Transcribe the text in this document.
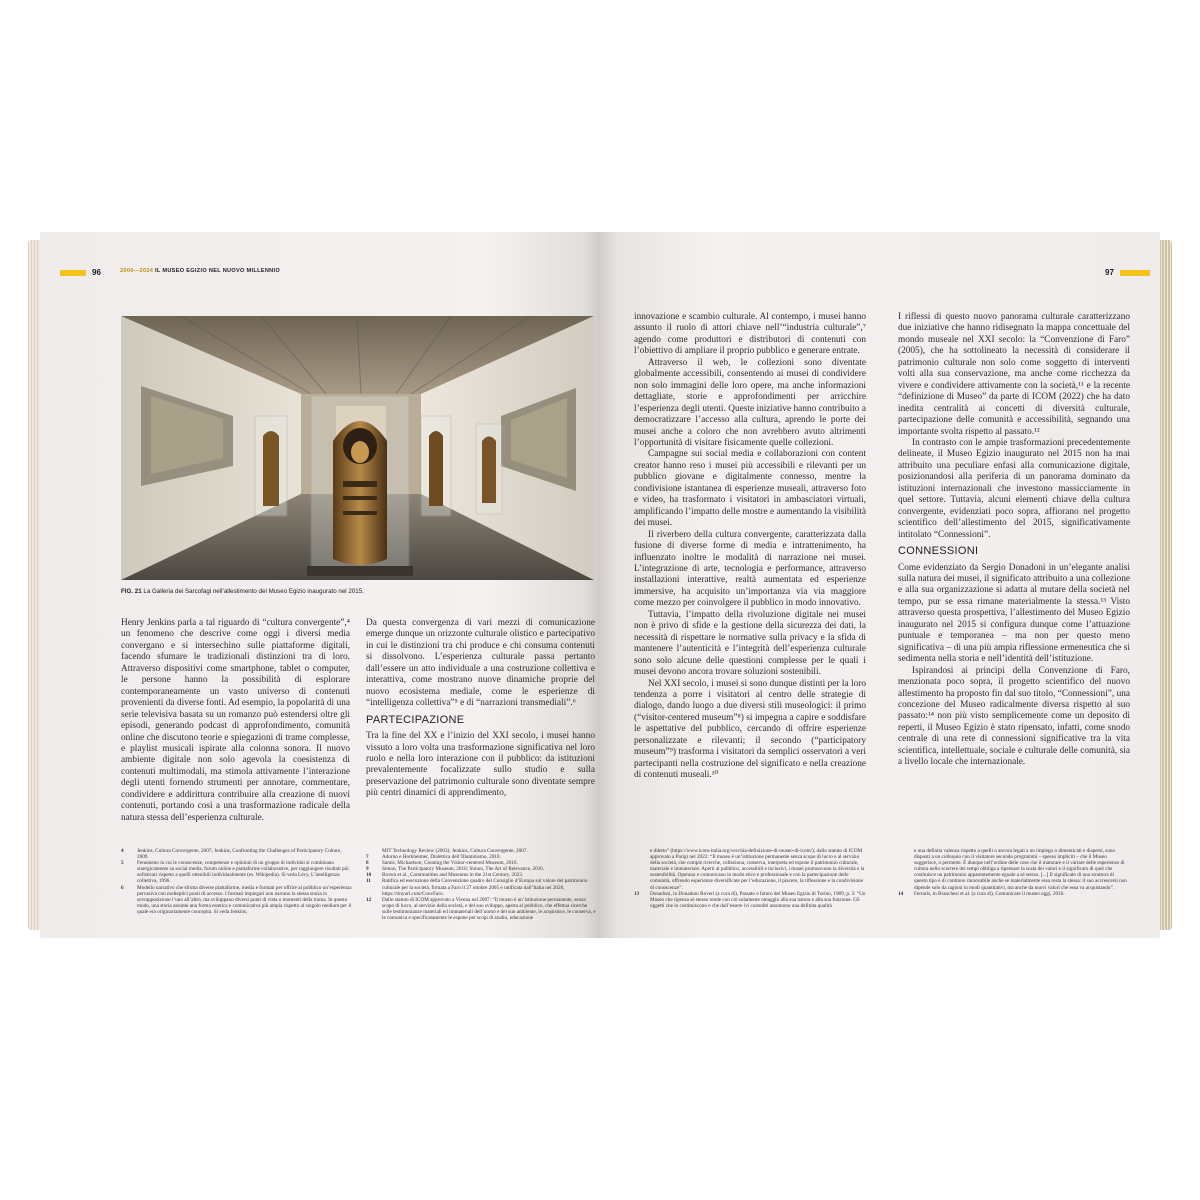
96	2000—2024 IL MUSEO EGIZIO NEL NUOVO MILLENNIO
FIG. 21 La Galleria dei Sarcofagi nell’allestimento del Museo Egizio inaugurato nel 2015.

Henry Jenkins parla a tal riguardo di “cultura convergente”,⁴ un fenomeno che descrive come oggi i diversi media convergano e si intersechino sulle piattaforme digitali, facendo sfumare le tradizionali distinzioni tra di loro. Attraverso dispositivi come smartphone, tablet o computer, le persone hanno la possibilità di esplorare contemporaneamente un vasto universo di contenuti provenienti da diverse fonti. Ad esempio, la popolarità di una serie televisiva basata su un romanzo può estendersi oltre gli episodi, generando podcast di approfondimento, comunità online che discutono teorie e spiegazioni di trame complesse, e playlist musicali ispirate alla colonna sonora. Il nuovo ambiente digitale non solo agevola la coesistenza di contenuti multimodali, ma stimola attivamente l’interazione degli utenti fornendo strumenti per annotare, commentare, condividere e addirittura contribuire alla creazione di nuovi contenuti, portando così a una trasformazione radicale della natura stessa dell’esperienza culturale.

Da questa convergenza di vari mezzi di comunicazione emerge dunque un orizzonte culturale olistico e partecipativo in cui le distinzioni tra chi produce e chi consuma contenuti si dissolvono. L’esperienza culturale passa pertanto dall’essere un atto individuale a una costruzione collettiva e interattiva, come mostrano nuove dinamiche proprie del nuovo ecosistema mediale, come le esperienze di “intelligenza collettiva”⁵ e di “narrazioni transmediali”.⁶

PARTECIPAZIONE

Tra la fine del XX e l’inizio del XXI secolo, i musei hanno vissuto a loro volta una trasformazione significativa nel loro ruolo e nella loro interazione con il pubblico: da istituzioni prevalentemente focalizzate sullo studio e sulla preservazione del patrimonio culturale sono diventate sempre più centri dinamici di apprendimento,

4	Jenkins, Cultura Convergente, 2007; Jenkins, Confronting the Challenges of Participatory Culture, 2009.
5	Fenomeno in cui le conoscenze, competenze e opinioni di un gruppo di individui si combinano sinergicamente su social media, forum online e piattaforme collaborative, per raggiungere risultati più sofisticati rispetto a quelli ottenibili individualmente (es. Wikipedia). Si veda Lévy, L’intelligenza collettiva, 1996.
6	Modello narrativo che sfrutta diverse piattaforme, media e formati per offrire al pubblico un’esperienza pervasiva con molteplici punti di accesso. I formati impiegati non narrano la stessa storia in sovrapposizione l’uno all’altro, ma sviluppano diversi punti di vista o momenti della trama. In questo modo, una storia assume una forma estetica e comunicativa più ampia rispetto al singolo medium per il quale era originariamente concepita. Si veda Jenkins,
MIT Technology Review (2003); Jenkins, Cultura Convergente, 2007.
7	Adorno e Horkheimer, Dialettica dell’Illuminismo, 2010.
8	Samis, Michaelson, Creating the Visitor-centered Museum, 2016.
9	Simon, The Participatory Museum, 2010; Simon, The Art of Relevance, 2016.
10	Brown et al., Communities and Museums in the 21st Century, 2023.
11	Ratifica ed esecuzione della Convenzione quadro del Consiglio d’Europa sul valore del patrimonio culturale per la società, firmata a Faro il 27 ottobre 2005 e ratificata dall’Italia nel 2020, https://tinyurl.com/ConvFaro.
12	Dallo statuto di ICOM approvato a Vienna nel 2007: “Il museo è un’istituzione permanente, senza scopo di lucro, al servizio della società, e del suo sviluppo, aperta al pubblico, che effettua ricerche sulle testimonianze materiali ed immateriali dell’uomo e del suo ambiente, le acquisisce, le conserva, e le comunica e specificatamente le espone per scopi di studio, educazione
97

innovazione e scambio culturale. Al contempo, i musei hanno assunto il ruolo di attori chiave nell’“industria culturale”,⁷ agendo come produttori e distributori di contenuti con l’obiettivo di ampliare il proprio pubblico e generare entrate.

Attraverso il web, le collezioni sono diventate globalmente accessibili, consentendo ai musei di condividere non solo immagini delle loro opere, ma anche informazioni dettagliate, storie e approfondimenti per arricchire l’esperienza degli utenti. Queste iniziative hanno contribuito a democratizzare l’accesso alla cultura, aprendo le porte dei musei anche a coloro che non avrebbero avuto altrimenti l’opportunità di visitare fisicamente quelle collezioni.

Campagne sui social media e collaborazioni con content creator hanno reso i musei più accessibili e rilevanti per un pubblico giovane e digitalmente connesso, mentre la condivisione istantanea di esperienze museali, attraverso foto e video, ha trasformato i visitatori in ambasciatori virtuali, amplificando l’impatto delle mostre e aumentando la visibilità dei musei.

Il riverbero della cultura convergente, caratterizzata dalla fusione di diverse forme di media e intrattenimento, ha influenzato inoltre le modalità di narrazione nei musei. L’integrazione di arte, tecnologia e performance, attraverso installazioni interattive, realtà aumentata ed esperienze immersive, ha acquisito un’importanza via via maggiore come mezzo per coinvolgere il pubblico in modo innovativo.

Tuttavia, l’impatto della rivoluzione digitale nei musei non è privo di sfide e la gestione della sicurezza dei dati, la necessità di rispettare le normative sulla privacy e la sfida di mantenere l’autenticità e l’integrità dell’esperienza culturale sono solo alcune delle questioni complesse per le quali i musei devono ancora trovare soluzioni sostenibili.

Nel XXI secolo, i musei si sono dunque distinti per la loro tendenza a porre i visitatori al centro delle strategie di dialogo, dando luogo a due diversi stili museologici: il primo (“visitor-centered museum”⁸) si impegna a capire e soddisfare le aspettative del pubblico, cercando di offrire esperienze personalizzate e rilevanti; il secondo (“participatory museum”⁹) trasforma i visitatori da semplici osservatori a veri partecipanti nella costruzione del significato e nella creazione di contenuti museali.¹⁰

I riflessi di questo nuovo panorama culturale caratterizzano due iniziative che hanno ridisegnato la mappa concettuale del mondo museale nel XXI secolo: la “Convenzione di Faro” (2005), che ha sottolineato la necessità di considerare il patrimonio culturale non solo come soggetto di interventi volti alla sua conservazione, ma anche come ricchezza da vivere e condividere attivamente con la società,¹¹ e la recente “definizione di Museo” da parte di ICOM (2022) che ha dato inedita centralità ai concetti di diversità culturale, partecipazione delle comunità e accessibilità, segnando una importante svolta rispetto al passato.¹²

In contrasto con le ampie trasformazioni precedentemente delineate, il Museo Egizio inaugurato nel 2015 non ha mai attribuito una peculiare enfasi alla comunicazione digitale, posizionandosi alla periferia di un panorama dominato da istituzioni internazionali che investono massicciamente in quel settore. Tuttavia, alcuni elementi chiave della cultura convergente, evidenziati poco sopra, affiorano nel progetto scientifico dell’allestimento del 2015, significativamente intitolato “Connessioni”.

CONNESSIONI

Come evidenziato da Sergio Donadoni in un’elegante analisi sulla natura dei musei, il significato attribuito a una collezione e alla sua organizzazione si adatta al mutare della società nel tempo, pur se essa rimane materialmente la stessa.¹³ Visto attraverso questa prospettiva, l’allestimento del Museo Egizio inaugurato nel 2015 si configura dunque come l’attuazione puntuale e temporanea – ma non per questo meno significativa – di una più ampia riflessione ermeneutica che si sedimenta nella storia e nell’identità dell’istituzione.

Ispirandosi ai principi della Convenzione di Faro, menzionata poco sopra, il progetto scientifico del nuovo allestimento ha proposto fin dal suo titolo, “Connessioni”, una concezione del Museo radicalmente diversa rispetto al suo passato:¹⁴ non più visto semplicemente come un deposito di reperti, il Museo Egizio è stato ripensato, infatti, come snodo centrale di una rete di connessioni significative tra la vita scientifica, intellettuale, sociale e culturale delle comunità, sia a livello locale che internazionale.

e diletto” (https://www.icom-italia.org/vecchia-definizione-di-museo-di-icom/); dallo statuto di ICOM approvato a Parigi nel 2022: “Il museo è un’istituzione permanente senza scopo di lucro e al servizio della società, che compie ricerche, colleziona, conserva, interpreta ed espone il patrimonio culturale, materiale e immateriale. Aperti al pubblico, accessibili e inclusivi, i musei promuovono la diversità e la sostenibilità. Operano e comunicano in modo etico e professionale e con la partecipazione delle comunità, offrendo esperienze diversificate per l’educazione, il piacere, la riflessione e la condivisione di conoscenze”.
13	Donadoni, in Donadoni Roveri (a cura di), Passato e futuro del Museo Egizio di Torino, 1989, p. 3: “Un Museo che ripensa sé stesso rende con ciò solamente omaggio alla sua natura e alla sua funzione. Gli oggetti che lo costituiscono e che dall’essere ivi custoditi assumono una definita qualità
e una definita valenza rispetto a quelli o ancora legati a un impiego o dimenticati e dispersi, sono disposti a un colloquio con il visitatore secondo programmi – spesso impliciti – che il Museo suggerisce, o permette. È dunque nell’ordine delle cose che il maturare e il variare delle esperienze di cultura nello scorrere dei tempi obbliga a ripensare la scala dei valori e il significato di quel che costituisce un patrimonio apparentemente eguale a sé stesso. [...] Il significato di una struttura di questo tipo è di continuo rinnovabile anche se materialmente essa resta la stessa: il suo accrescersi non dipende solo da ragioni in modi quantitativi, ma anche da nuovi valori che essa va acquistando”.
14	Ferraris, in Branchesi et al. (a cura di), Comunicare il museo oggi, 2016.
